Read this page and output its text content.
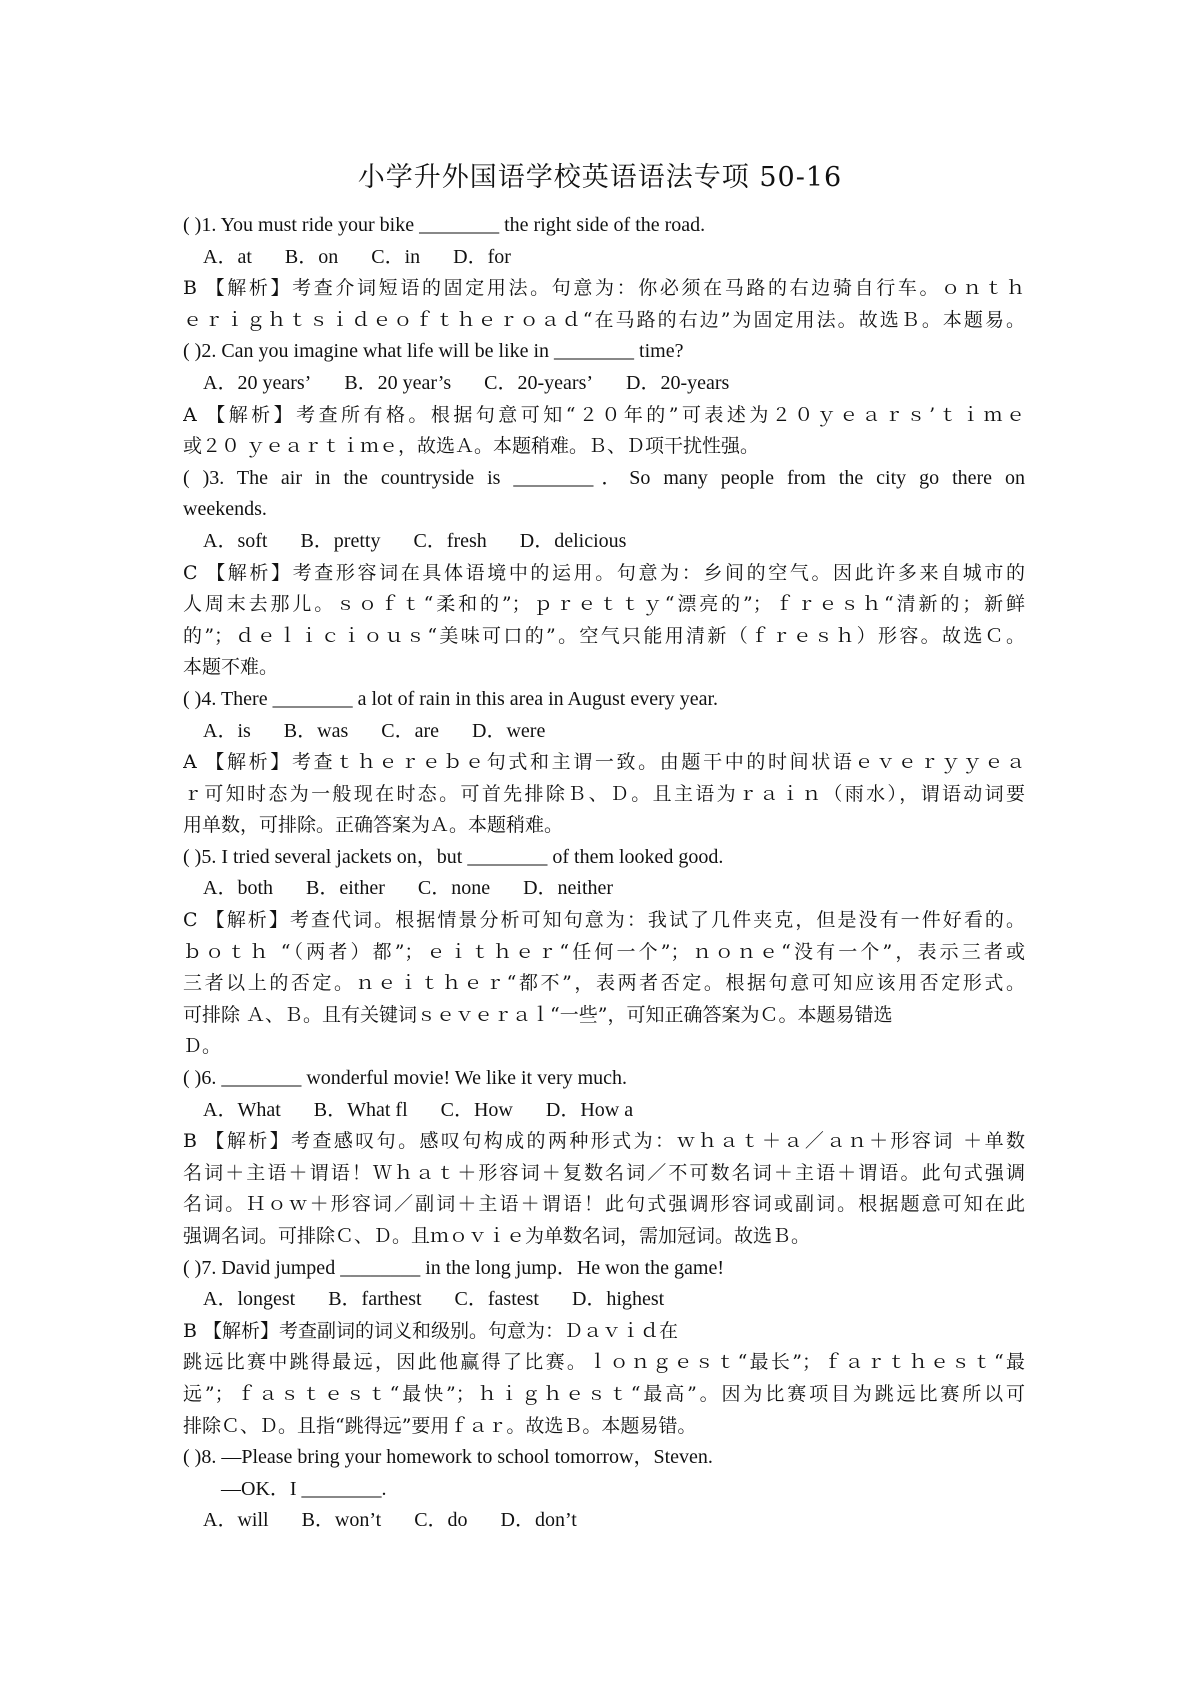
小学升外国语学校英语语法专项 50-16
( )1. You must ride your bike ________ the right side of the road.
A．at B．on C．in D．for
B 【解析】考查介词短语的固定用法。句意为：你必须在马路的右边骑自行车。ｏｎｔｈ
ｅｒｉｇｈｔｓｉｄｅｏｆｔｈｅｒｏａｄ“在马路的右边”为固定用法。故选Ｂ。本题易。
( )2. Can you imagine what life will be like in ________ time?
A．20 years’ B．20 year’s C．20-years’ D．20-years
A 【解析】考查所有格。根据句意可知“２０年的”可表述为２０ｙｅａｒｓ’ｔｉｍｅ
或２０ ｙｅａｒｔｉｍｅ，故选Ａ。本题稍难。Ｂ、Ｄ项干扰性强。
( )3. The air in the countryside is ________．So many people from the city go there on
weekends.
A．soft B．pretty C．fresh D．delicious
C 【解析】考查形容词在具体语境中的运用。句意为：乡间的空气。因此许多来自城市的
人周末去那儿。ｓｏｆｔ“柔和的”；ｐｒｅｔｔｙ“漂亮的”；ｆｒｅｓｈ“清新的；新鲜
的”；ｄｅｌｉｃｉｏｕｓ“美味可口的”。空气只能用清新（ｆｒｅｓｈ）形容。故选Ｃ。
本题不难。
( )4. There ________ a lot of rain in this area in August every year.
A．is B．was C．are D．were
A 【解析】考查ｔｈｅｒｅｂｅ句式和主谓一致。由题干中的时间状语ｅｖｅｒｙｙｅａ
ｒ可知时态为一般现在时态。可首先排除Ｂ、Ｄ。且主语为ｒａｉｎ（雨水），谓语动词要
用单数，可排除。正确答案为Ａ。本题稍难。
( )5. I tried several jackets on，but ________ of them looked good.
A．both B．either C．none D．neither
C 【解析】考查代词。根据情景分析可知句意为：我试了几件夹克，但是没有一件好看的。
ｂｏｔｈ “（两者）都”；ｅｉｔｈｅｒ“任何一个”；ｎｏｎｅ“没有一个”，表示三者或
三者以上的否定。ｎｅｉｔｈｅｒ“都不”，表两者否定。根据句意可知应该用否定形式。
可排除 Ａ、Ｂ。且有关键词ｓｅｖｅｒａｌ“一些”，可知正确答案为Ｃ。本题易错选
Ｄ。
( )6. ________ wonderful movie! We like it very much.
A．What B．What fl C．How D．How a
B 【解析】考查感叹句。感叹句构成的两种形式为：ｗｈａｔ＋ａ／ａｎ＋形容词 ＋单数
名词＋主语＋谓语！Ｗｈａｔ＋形容词＋复数名词／不可数名词＋主语＋谓语。此句式强调
名词。Ｈｏｗ＋形容词／副词＋主语＋谓语！此句式强调形容词或副词。根据题意可知在此
强调名词。可排除Ｃ、Ｄ。且ｍｏｖｉｅ为单数名词，需加冠词。故选Ｂ。
( )7. David jumped ________ in the long jump．He won the game!
A．longest B．farthest C．fastest D．highest
B 【解析】考查副词的词义和级别。句意为：Ｄａｖｉｄ在
跳远比赛中跳得最远，因此他赢得了比赛。ｌｏｎｇｅｓｔ“最长”；ｆａｒｔｈｅｓｔ“最
远”；ｆａｓｔｅｓｔ“最快”；ｈｉｇｈｅｓｔ“最高”。因为比赛项目为跳远比赛所以可
排除Ｃ、Ｄ。且指“跳得远”要用ｆａｒ。故选Ｂ。本题易错。
( )8. —Please bring your homework to school tomorrow，Steven.
—OK．I ________.
A．will B．won’t C．do D．don’t
